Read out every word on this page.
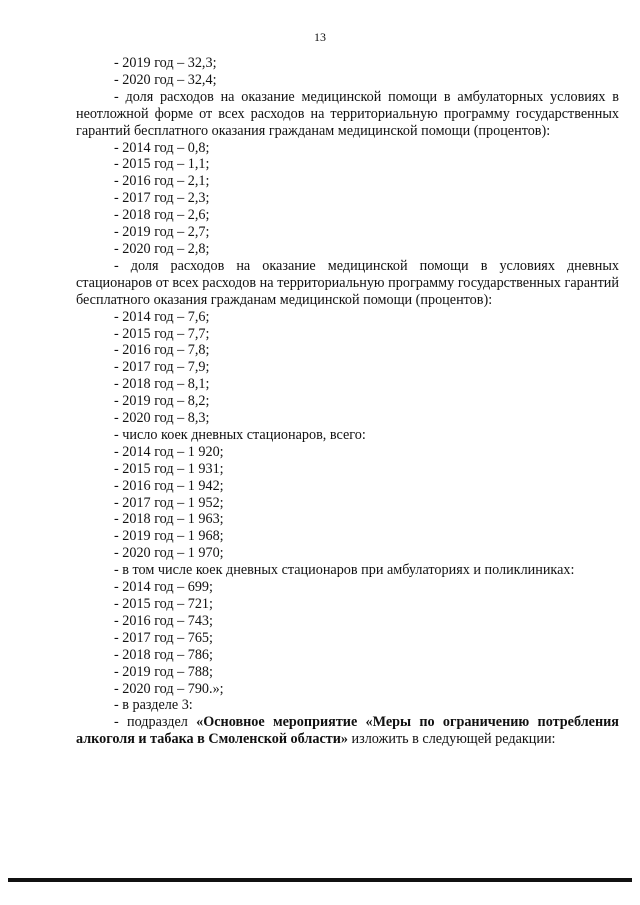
13

- 2019 год – 32,3;

- 2020 год – 32,4;

- доля расходов на оказание медицинской помощи в амбулаторных условиях в неотложной форме от всех расходов на территориальную программу государственных гарантий бесплатного оказания гражданам медицинской помощи (процентов):

- 2014 год – 0,8;

- 2015 год – 1,1;

- 2016 год – 2,1;

- 2017 год – 2,3;

- 2018 год – 2,6;

- 2019 год – 2,7;

- 2020 год – 2,8;

- доля расходов на оказание медицинской помощи в условиях дневных стационаров от всех расходов на территориальную программу государственных гарантий бесплатного оказания гражданам медицинской помощи (процентов):

- 2014 год – 7,6;

- 2015 год – 7,7;

- 2016 год – 7,8;

- 2017 год – 7,9;

- 2018 год – 8,1;

- 2019 год – 8,2;

- 2020 год – 8,3;

- число коек дневных стационаров, всего:

- 2014 год – 1 920;

- 2015 год – 1 931;

- 2016 год – 1 942;

- 2017 год – 1 952;

- 2018 год – 1 963;

- 2019 год – 1 968;

- 2020 год – 1 970;

- в том числе коек дневных стационаров при амбулаториях и поликлиниках:

- 2014 год – 699;

- 2015 год – 721;

- 2016 год – 743;

- 2017 год – 765;

- 2018 год – 786;

- 2019 год – 788;

- 2020 год – 790.»;

- в разделе 3:

- подраздел «Основное мероприятие «Меры по ограничению потребления алкоголя и табака в Смоленской области» изложить в следующей редакции:
